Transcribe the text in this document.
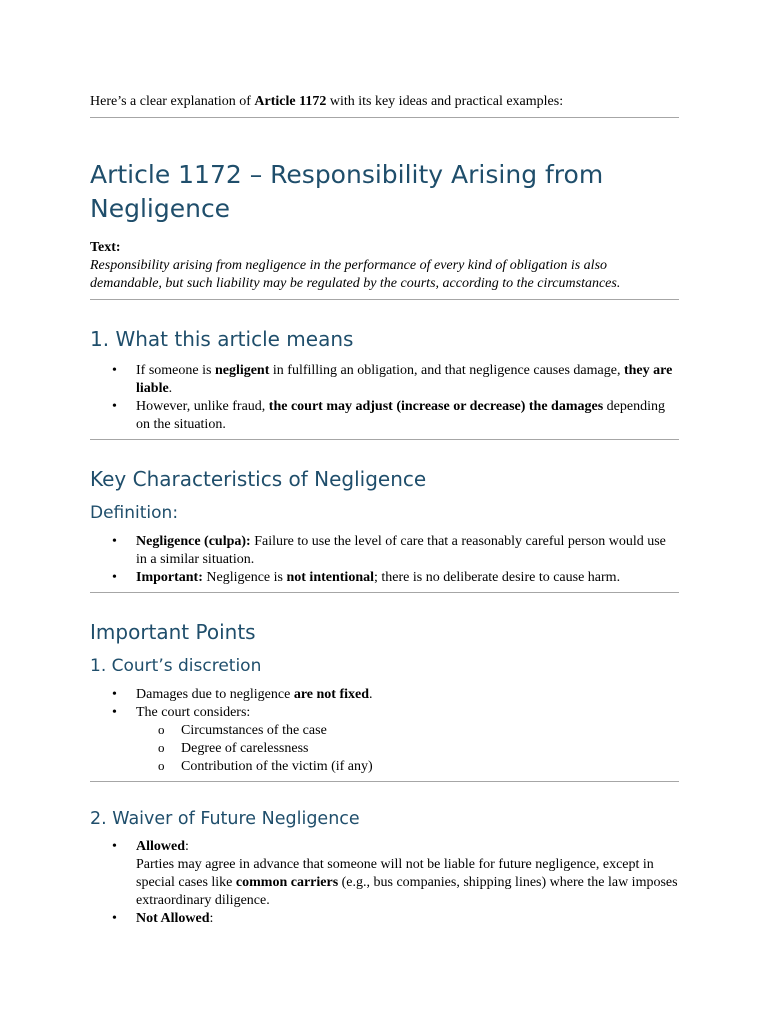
Here’s a clear explanation of Article 1172 with its key ideas and practical examples:

Article 1172 – Responsibility Arising from Negligence

Text:

Responsibility arising from negligence in the performance of every kind of obligation is also demandable, but such liability may be regulated by the courts, according to the circumstances.

1. What this article means
• If someone is negligent in fulfilling an obligation, and that negligence causes damage, they are liable.
• However, unlike fraud, the court may adjust (increase or decrease) the damages depending on the situation.
Key Characteristics of Negligence
Definition:
• Negligence (culpa): Failure to use the level of care that a reasonably careful person would use in a similar situation.
• Important: Negligence is not intentional; there is no deliberate desire to cause harm.
Important Points
1. Court’s discretion
• Damages due to negligence are not fixed.
• The court considers:
o Circumstances of the case
o Degree of carelessness
o Contribution of the victim (if any)
2. Waiver of Future Negligence
• Allowed:
Parties may agree in advance that someone will not be liable for future negligence, except in special cases like common carriers (e.g., bus companies, shipping lines) where the law imposes extraordinary diligence.
• Not Allowed:
